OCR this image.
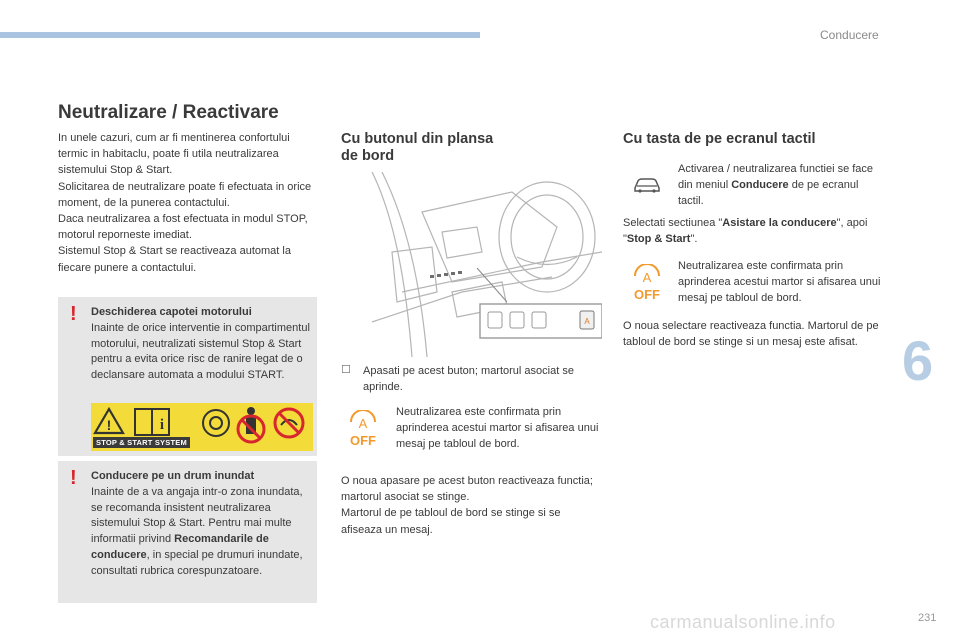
Conducere
Neutralizare / Reactivare

In unele cazuri, cum ar fi mentinerea confortului termic in habitaclu, poate fi utila neutralizarea sistemului Stop & Start.

Solicitarea de neutralizare poate fi efectuata in orice moment, de la punerea contactului.

Daca neutralizarea a fost efectuata in modul STOP, motorul reporneste imediat.

Sistemul Stop & Start se reactiveaza automat la fiecare punere a contactului.

! Deschiderea capotei motorului
Inainte de orice interventie in compartimentul motorului, neutralizati sistemul Stop & Start pentru a evita orice risc de ranire legat de o declansare automata a modului START.
!	i
STOP & START SYSTEM
! Conducere pe un drum inundat
Inainte de a va angaja intr-o zona inundata, se recomanda insistent neutralizarea sistemului Stop & Start. Pentru mai multe informatii privind Recomandarile de conducere, in special pe drumuri inundate, consultati rubrica corespunzatoare.
Cu butonul din plansa
de bord
A
☐ Apasati pe acest buton; martorul asociat se aprinde.
A
OFF
Neutralizarea este confirmata prin aprinderea acestui martor si afisarea unui mesaj pe tabloul de bord.

O noua apasare pe acest buton reactiveaza functia; martorul asociat se stinge.

Martorul de pe tabloul de bord se stinge si se afiseaza un mesaj.

Cu tasta de pe ecranul tactil
Activarea / neutralizarea functiei se face din meniul Conducere de pe ecranul tactil.
Selectati sectiunea "Asistare la conducere", apoi "Stop & Start".
A
OFF
Neutralizarea este confirmata prin aprinderea acestui martor si afisarea unui mesaj pe tabloul de bord.
O noua selectare reactiveaza functia. Martorul de pe tabloul de bord se stinge si un mesaj este afisat. 6
carmanualsonline.info	231
